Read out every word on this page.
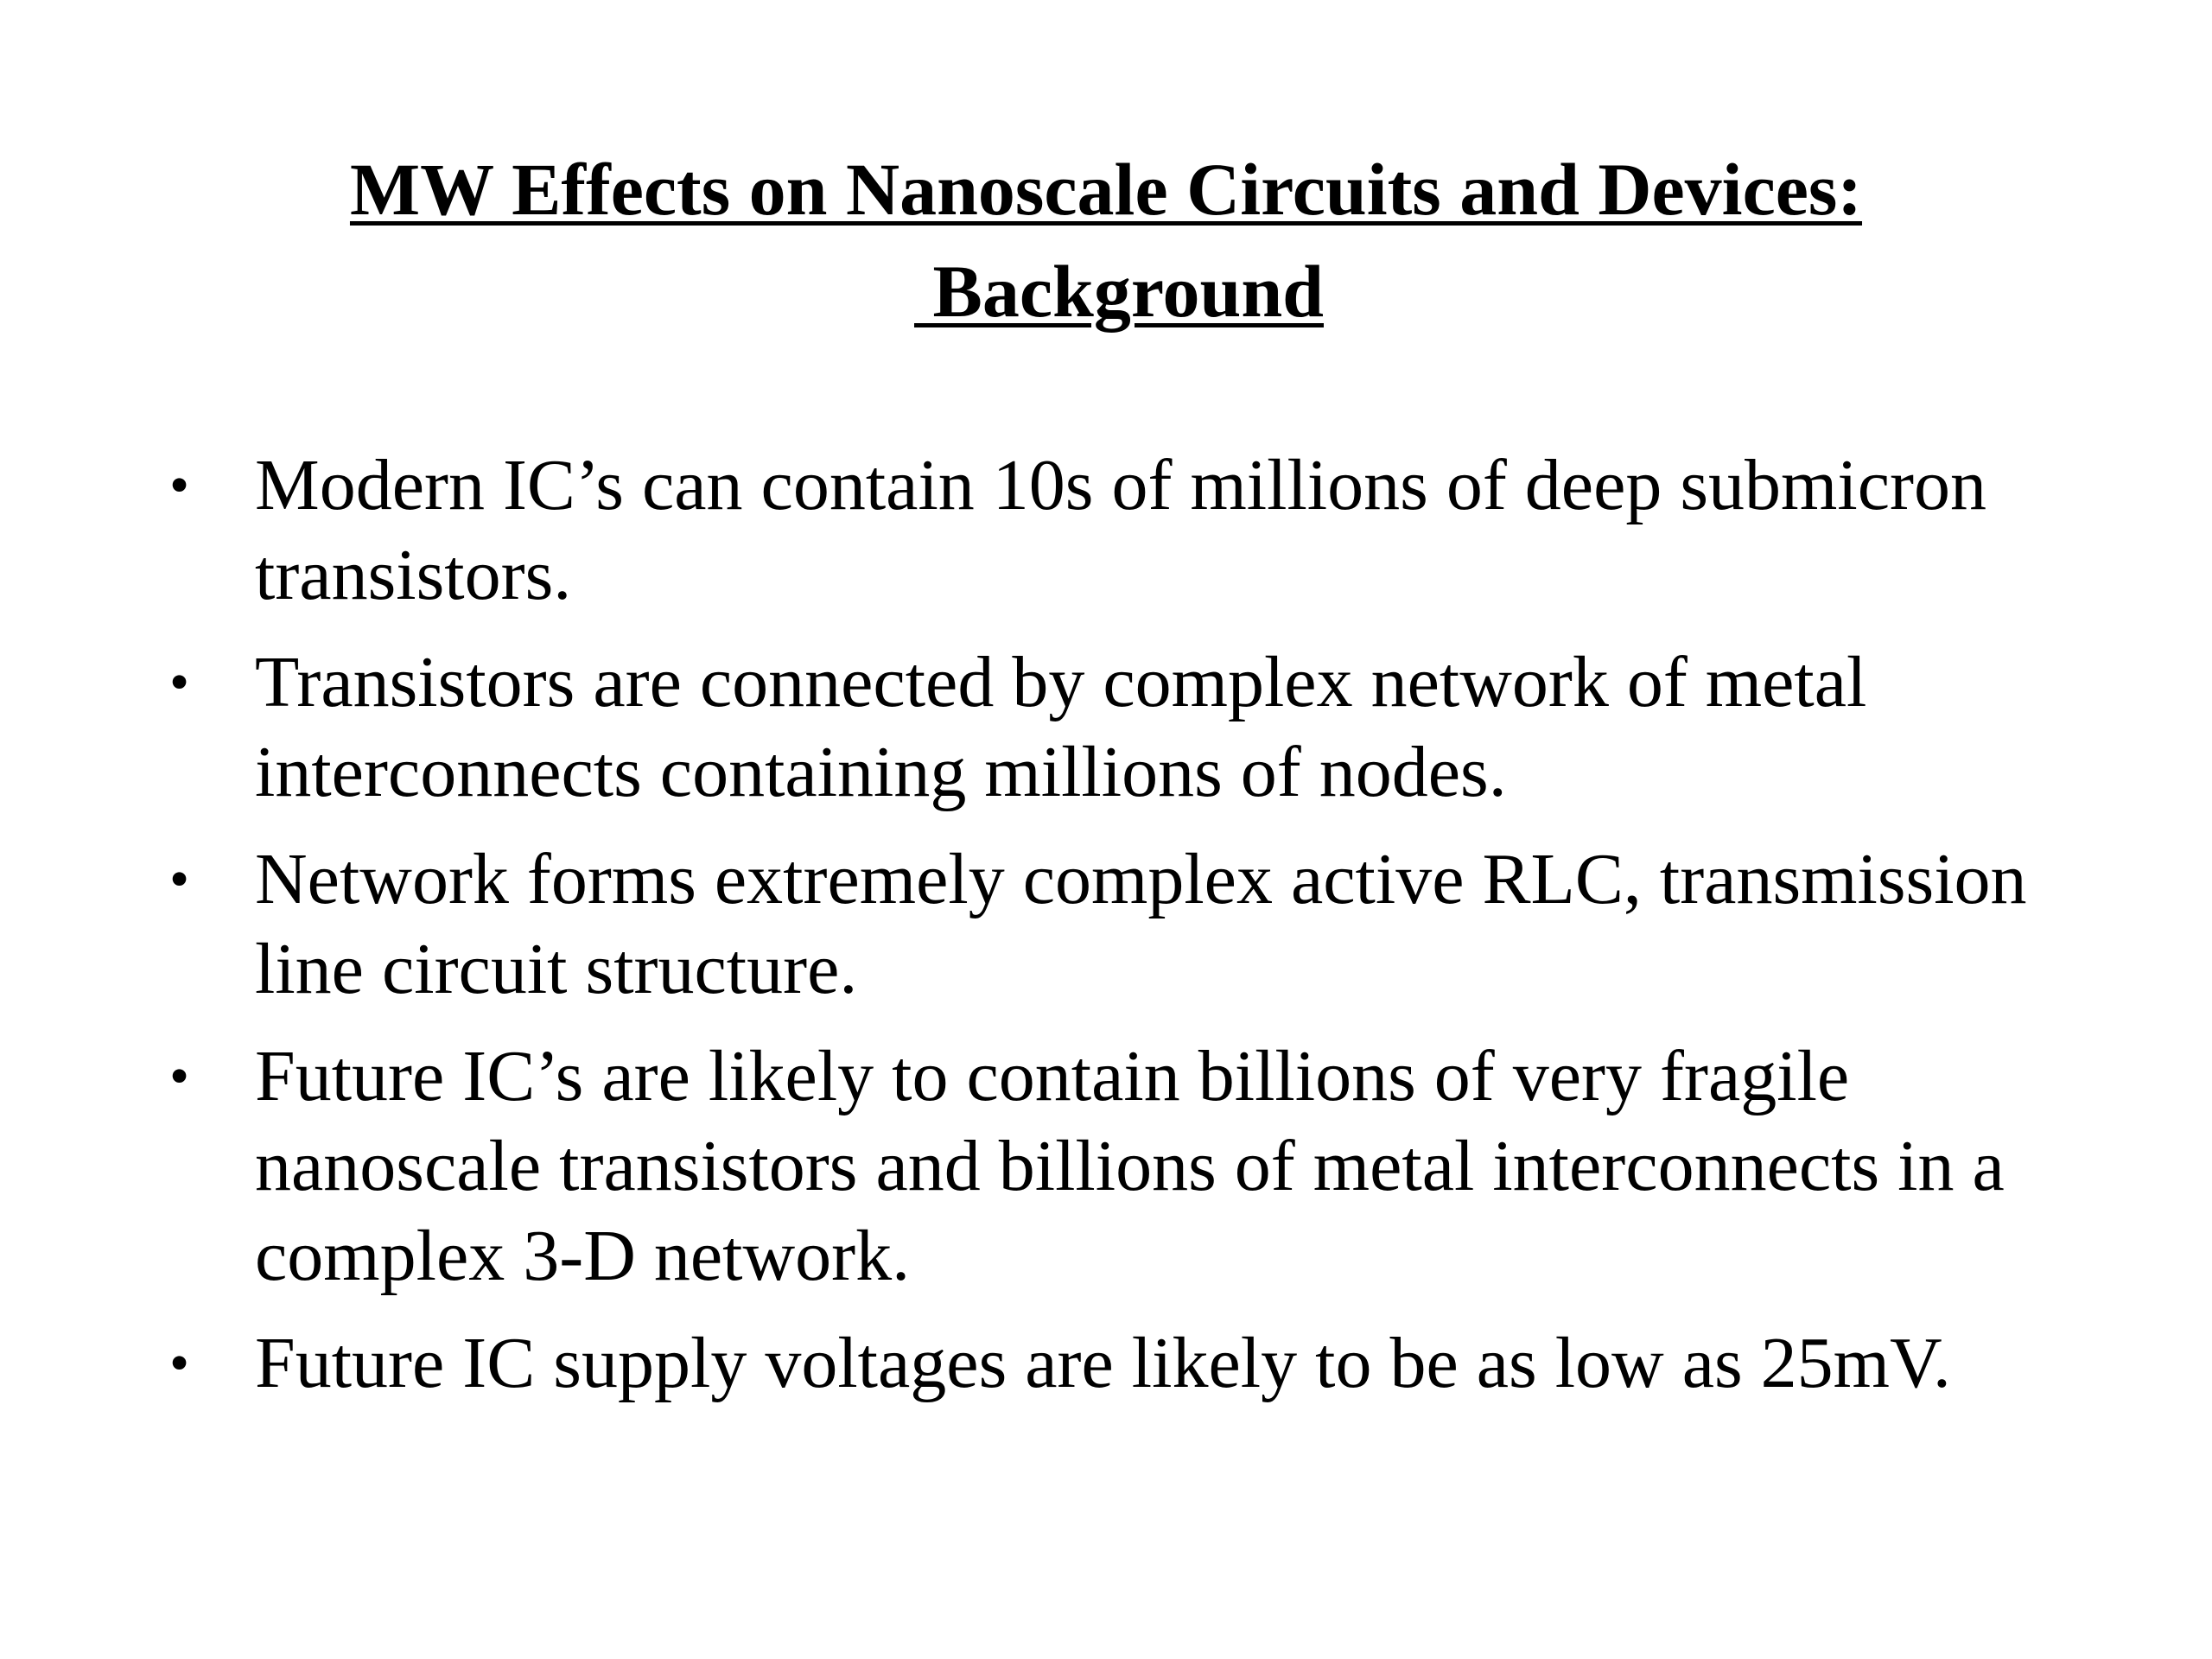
MW Effects on Nanoscale Circuits and Devices:
Background
• Modern IC’s can contain 10s of millions of deep submicron transistors.
• Transistors are connected by complex network of metal interconnects containing millions of nodes.
• Network forms extremely complex active RLC, transmission line circuit structure.
• Future IC’s are likely to contain billions of very fragile nanoscale transistors and billions of metal interconnects in a complex 3-D network.
• Future IC supply voltages are likely to be as low as 25mV.
